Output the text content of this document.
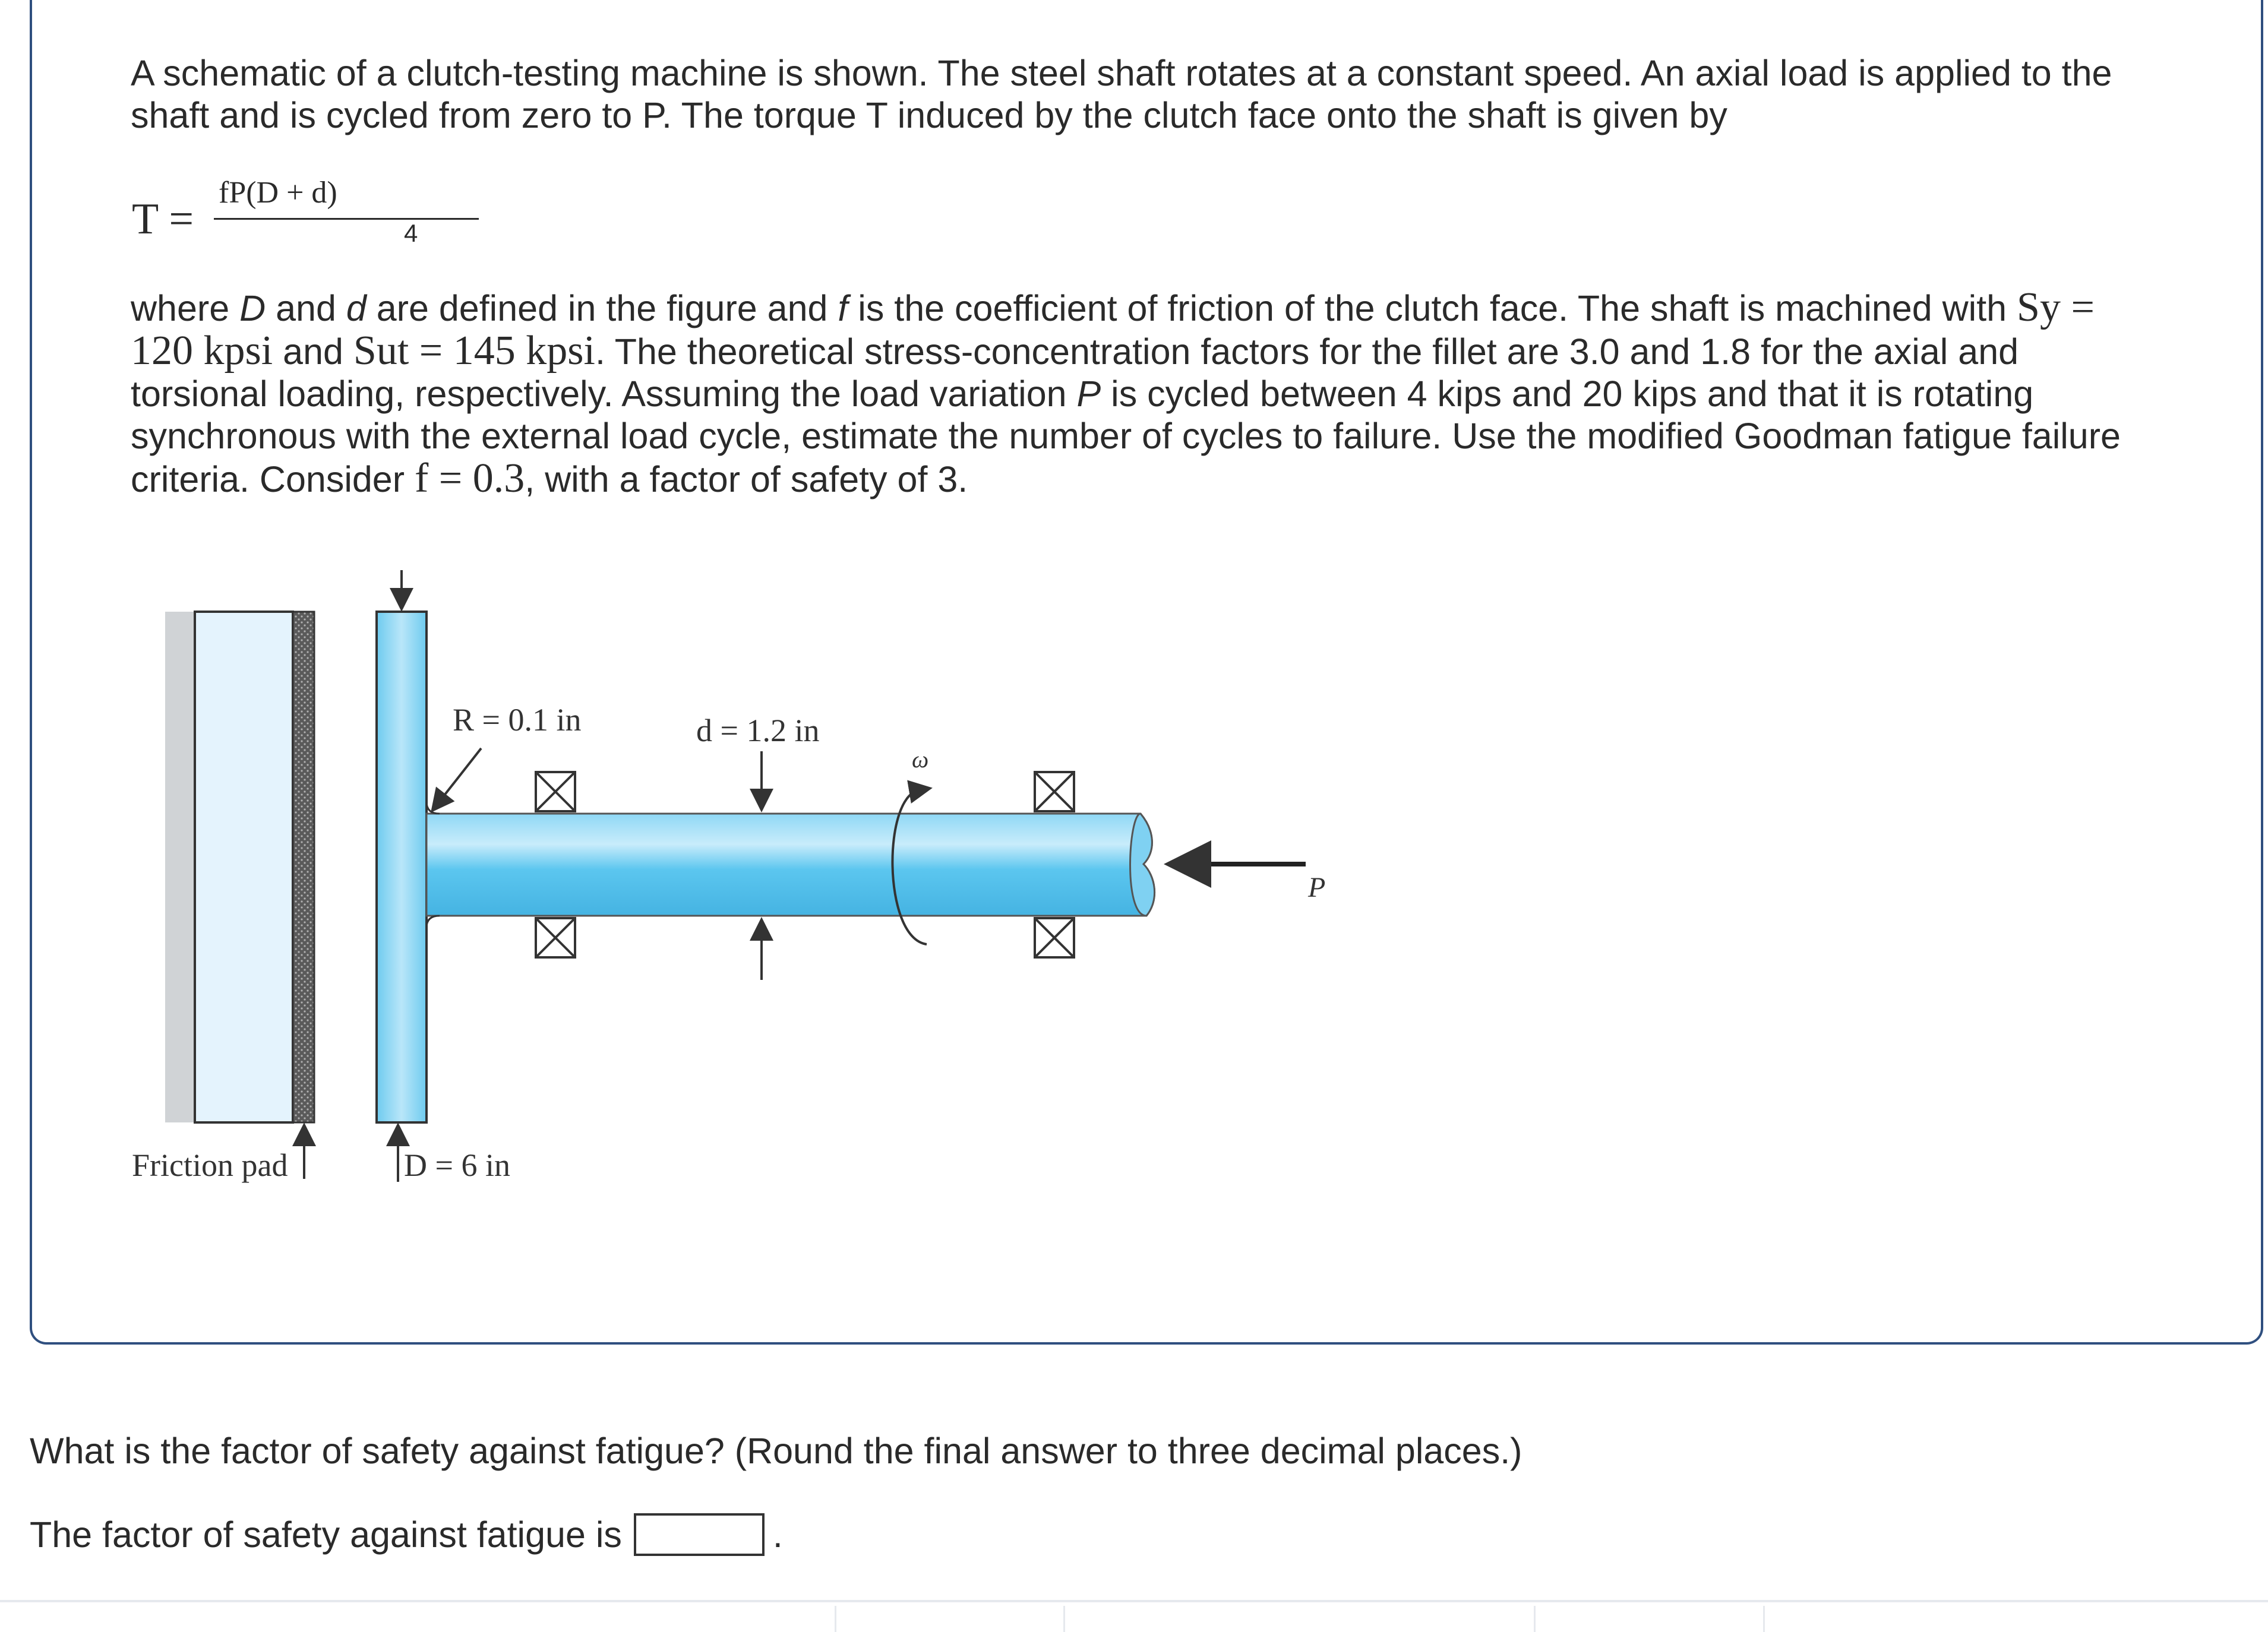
A schematic of a clutch-testing machine is shown. The steel shaft rotates at a constant speed. An axial load is applied to the shaft and is cycled from zero to P. The torque T induced by the clutch face onto the shaft is given by

T =
fP(D + d)
4

where D and d are defined in the figure and f is the coefficient of friction of the clutch face. The shaft is machined with Sy = 120 kpsi and Sut = 145 kpsi. The theoretical stress-concentration factors for the fillet are 3.0 and 1.8 for the axial and torsional loading, respectively. Assuming the load variation P is cycled between 4 kips and 20 kips and that it is rotating synchronous with the external load cycle, estimate the number of cycles to failure. Use the modified Goodman fatigue failure criteria. Consider f = 0.3, with a factor of safety of 3.

R = 0.1 in	d = 1.2 in
ω
P
Friction pad	D = 6 in

What is the factor of safety against fatigue? (Round the final answer to three decimal places.)

The factor of safety against fatigue is	.
